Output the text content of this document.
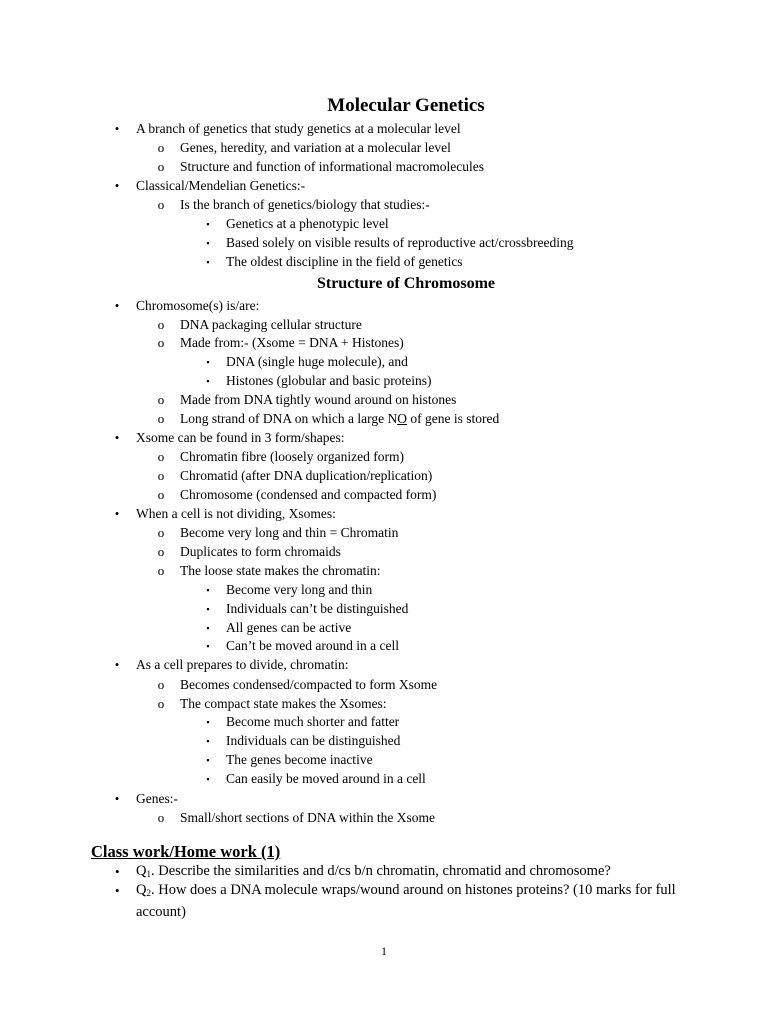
Molecular Genetics
• A branch of genetics that study genetics at a molecular level
o Genes, heredity, and variation at a molecular level
o Structure and function of informational macromolecules
• Classical/Mendelian Genetics:-
o Is the branch of genetics/biology that studies:-
▪ Genetics at a phenotypic level
▪ Based solely on visible results of reproductive act/crossbreeding
▪ The oldest discipline in the field of genetics
Structure of Chromosome
• Chromosome(s) is/are:
o DNA packaging cellular structure
o Made from:- (Xsome = DNA + Histones)
▪ DNA (single huge molecule), and
▪ Histones (globular and basic proteins)
o Made from DNA tightly wound around on histones
o Long strand of DNA on which a large NO of gene is stored
• Xsome can be found in 3 form/shapes:
o Chromatin fibre (loosely organized form)
o Chromatid (after DNA duplication/replication)
o Chromosome (condensed and compacted form)
• When a cell is not dividing, Xsomes:
o Become very long and thin = Chromatin
o Duplicates to form chromaids
o The loose state makes the chromatin:
▪ Become very long and thin
▪ Individuals can’t be distinguished
▪ All genes can be active
▪ Can’t be moved around in a cell
• As a cell prepares to divide, chromatin:
o Becomes condensed/compacted to form Xsome
o The compact state makes the Xsomes:
▪ Become much shorter and fatter
▪ Individuals can be distinguished
▪ The genes become inactive
▪ Can easily be moved around in a cell
• Genes:-
o Small/short sections of DNA within the Xsome
Class work/Home work (1)
• $Q_1$. Describe the similarities and d/cs b/n chromatin, chromatid and chromosome?
• $Q_2$. How does a DNA molecule wraps/wound around on histones proteins? (10 marks for full account)
1
